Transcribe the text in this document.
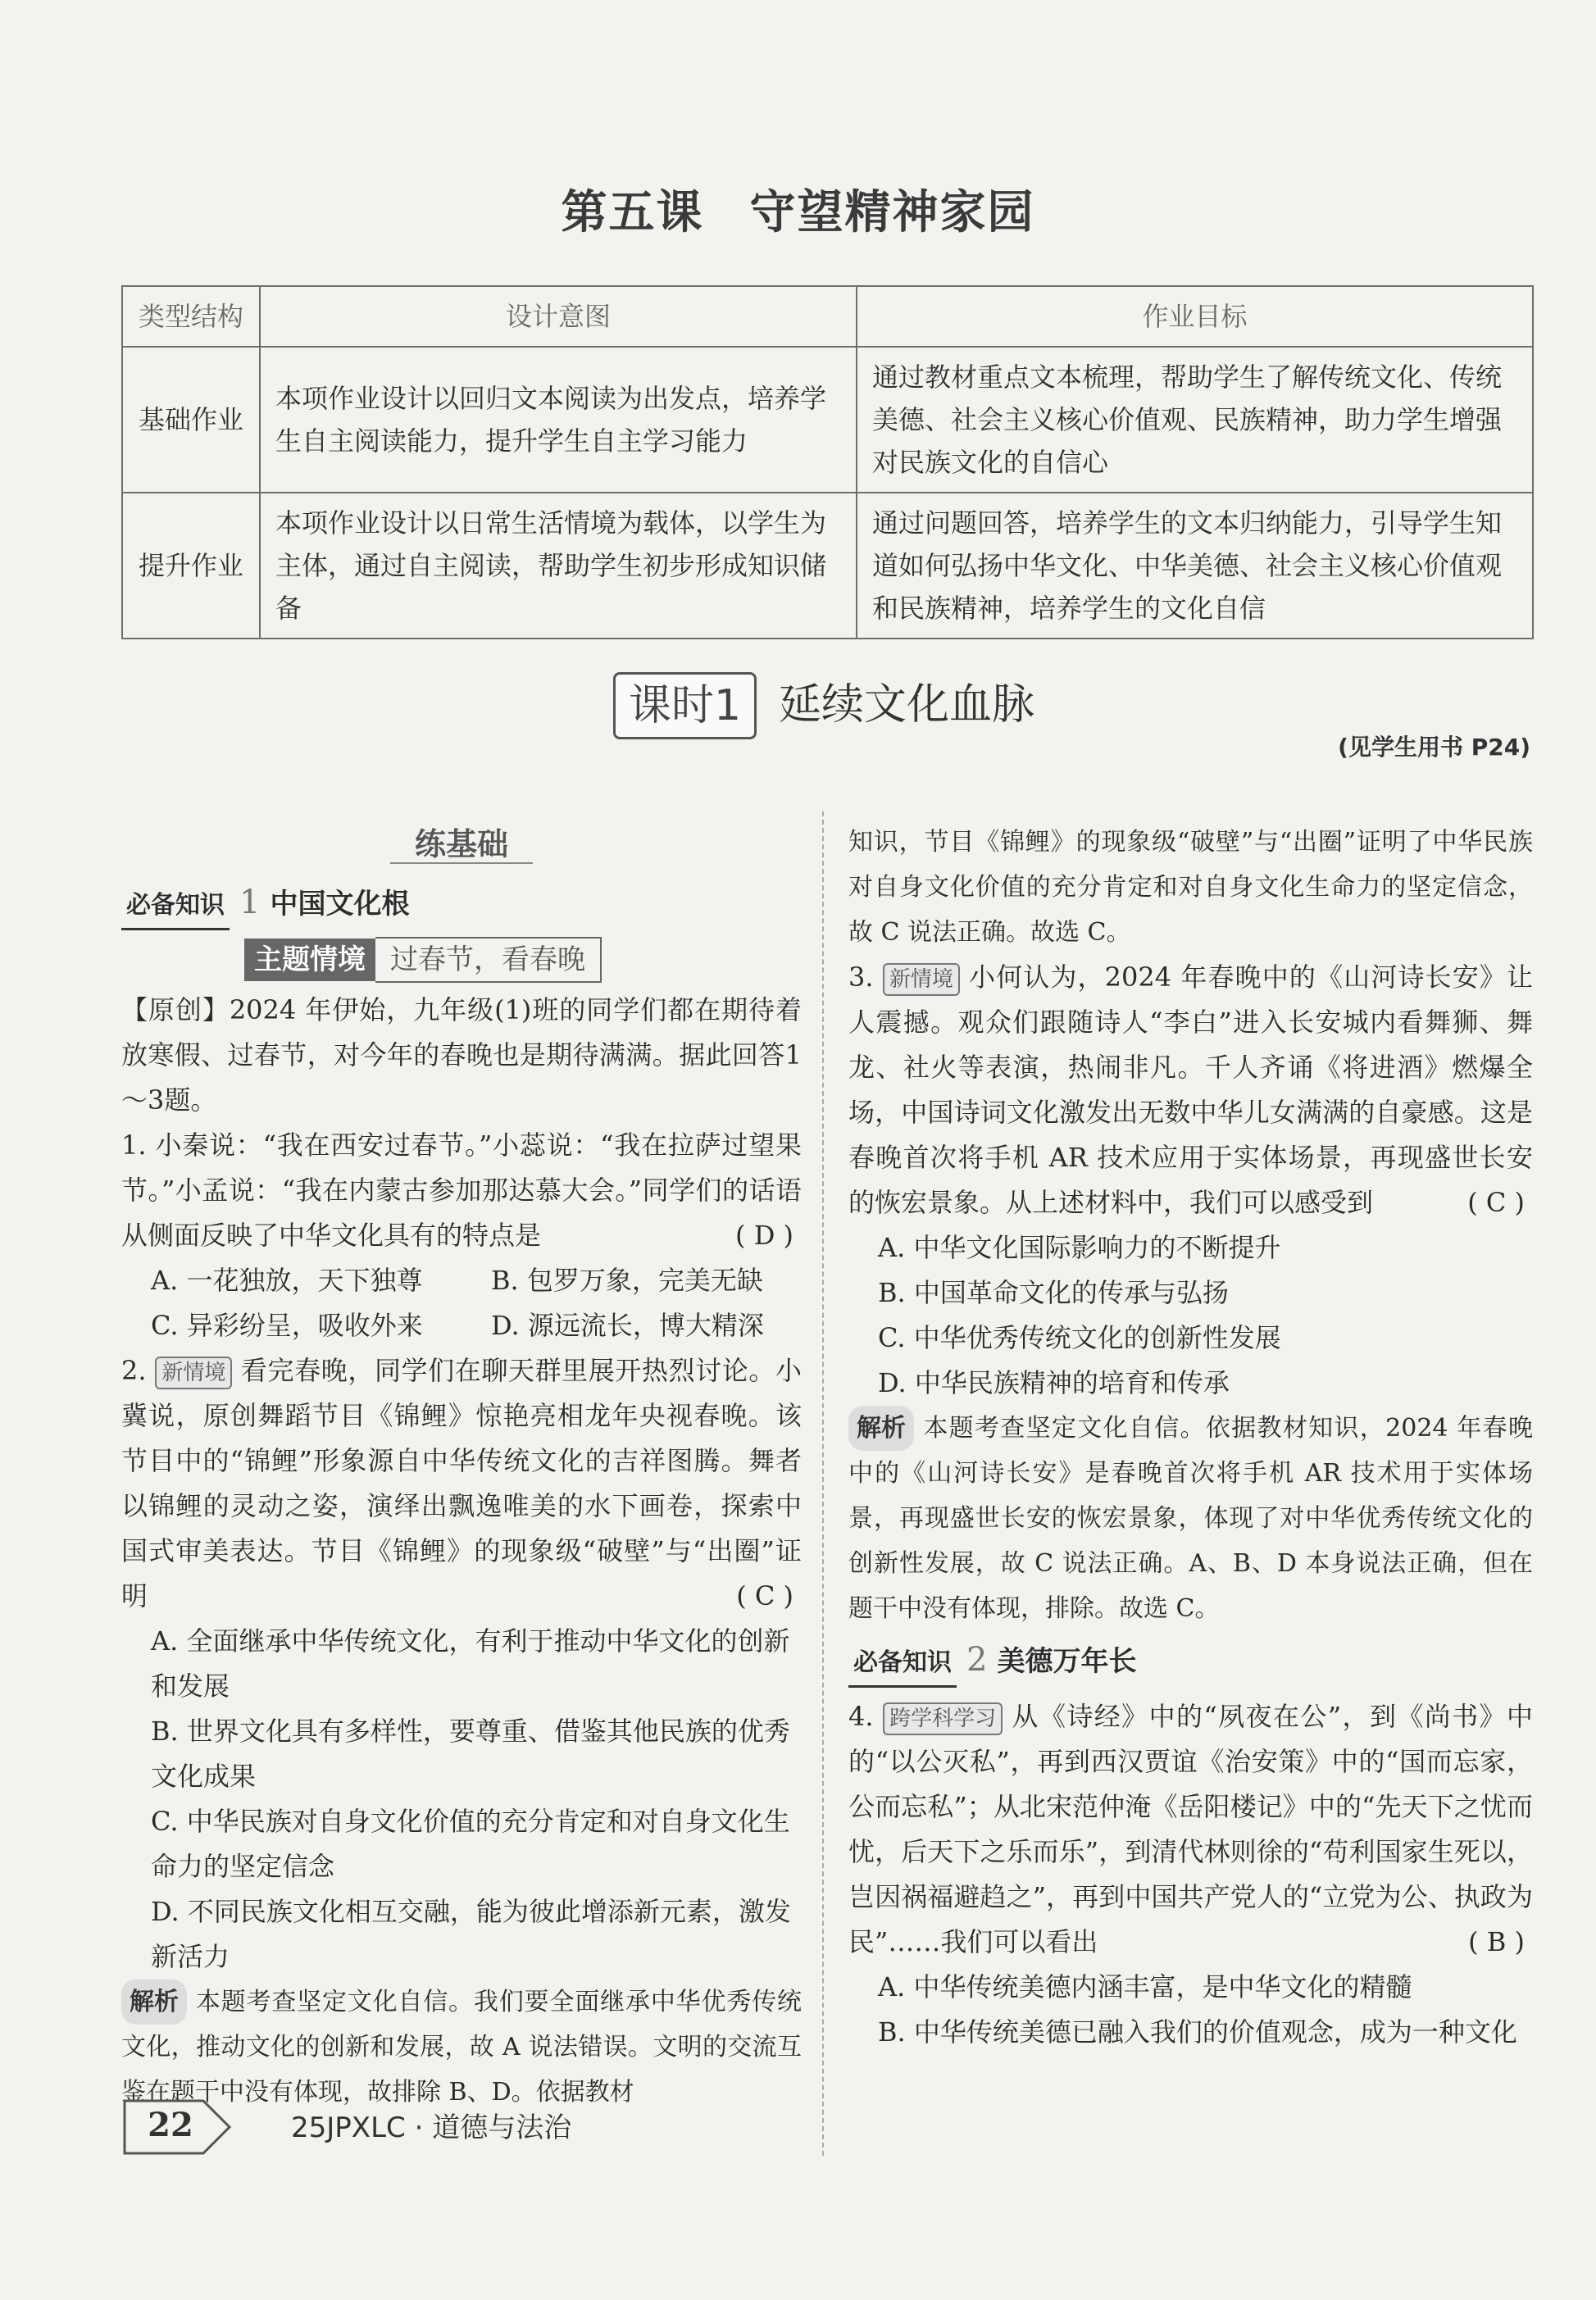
第五课 守望精神家园
类型结构	设计意图	作业目标
基础作业	本项作业设计以回归文本阅读为出发点，培养学生自主阅读能力，提升学生自主学习能力	通过教材重点文本梳理，帮助学生了解传统文化、传统美德、社会主义核心价值观、民族精神，助力学生增强对民族文化的自信心
提升作业	本项作业设计以日常生活情境为载体，以学生为主体，通过自主阅读，帮助学生初步形成知识储备	通过问题回答，培养学生的文本归纳能力，引导学生知道如何弘扬中华文化、中华美德、社会主义核心价值观和民族精神，培养学生的文化自信
课时1 延续文化血脉
(见学生用书 P24)
练基础
必备知识 1 中国文化根
主题情境 过春节，看春晚

【原创】2024 年伊始，九年级(1)班的同学们都在期待着放寒假、过春节，对今年的春晚也是期待满满。据此回答1～3题。

1. 小秦说：“我在西安过春节。”小蕊说：“我在拉萨过望果节。”小孟说：“我在内蒙古参加那达慕大会。”同学们的话语从侧面反映了中华文化具有的特点是	( D )

A. 一花独放，天下独尊	B. 包罗万象，完美无缺
C. 异彩纷呈，吸收外来	D. 源远流长，博大精深

2. 新情境 看完春晚，同学们在聊天群里展开热烈讨论。小冀说，原创舞蹈节目《锦鲤》惊艳亮相龙年央视春晚。该节目中的“锦鲤”形象源自中华传统文化的吉祥图腾。舞者以锦鲤的灵动之姿，演绎出飘逸唯美的水下画卷，探索中国式审美表达。节目《锦鲤》的现象级“破壁”与“出圈”证明	( C )

A. 全面继承中华传统文化，有利于推动中华文化的创新和发展
B. 世界文化具有多样性，要尊重、借鉴其他民族的优秀文化成果
C. 中华民族对自身文化价值的充分肯定和对自身文化生命力的坚定信念
D. 不同民族文化相互交融，能为彼此增添新元素，激发新活力

解析 本题考查坚定文化自信。我们要全面继承中华优秀传统文化，推动文化的创新和发展，故 A 说法错误。文明的交流互鉴在题干中没有体现，故排除 B、D。依据教材

知识，节目《锦鲤》的现象级“破壁”与“出圈”证明了中华民族对自身文化价值的充分肯定和对自身文化生命力的坚定信念，故 C 说法正确。故选 C。

3. 新情境 小何认为，2024 年春晚中的《山河诗长安》让人震撼。观众们跟随诗人“李白”进入长安城内看舞狮、舞龙、社火等表演，热闹非凡。千人齐诵《将进酒》燃爆全场，中国诗词文化激发出无数中华儿女满满的自豪感。这是春晚首次将手机 AR 技术应用于实体场景，再现盛世长安的恢宏景象。从上述材料中，我们可以感受到	( C )

A. 中华文化国际影响力的不断提升
B. 中国革命文化的传承与弘扬
C. 中华优秀传统文化的创新性发展
D. 中华民族精神的培育和传承

解析 本题考查坚定文化自信。依据教材知识，2024 年春晚中的《山河诗长安》是春晚首次将手机 AR 技术用于实体场景，再现盛世长安的恢宏景象，体现了对中华优秀传统文化的创新性发展，故 C 说法正确。A、B、D 本身说法正确，但在题干中没有体现，排除。故选 C。

必备知识 2 美德万年长

4. 跨学科学习 从《诗经》中的“夙夜在公”，到《尚书》中的“以公灭私”，再到西汉贾谊《治安策》中的“国而忘家，公而忘私”；从北宋范仲淹《岳阳楼记》中的“先天下之忧而忧，后天下之乐而乐”，到清代林则徐的“苟利国家生死以，岂因祸福避趋之”，再到中国共产党人的“立党为公、执政为民”……我们可以看出	( B )

A. 中华传统美德内涵丰富，是中华文化的精髓
B. 中华传统美德已融入我们的价值观念，成为一种文化
22	25JPXLC · 道德与法治
